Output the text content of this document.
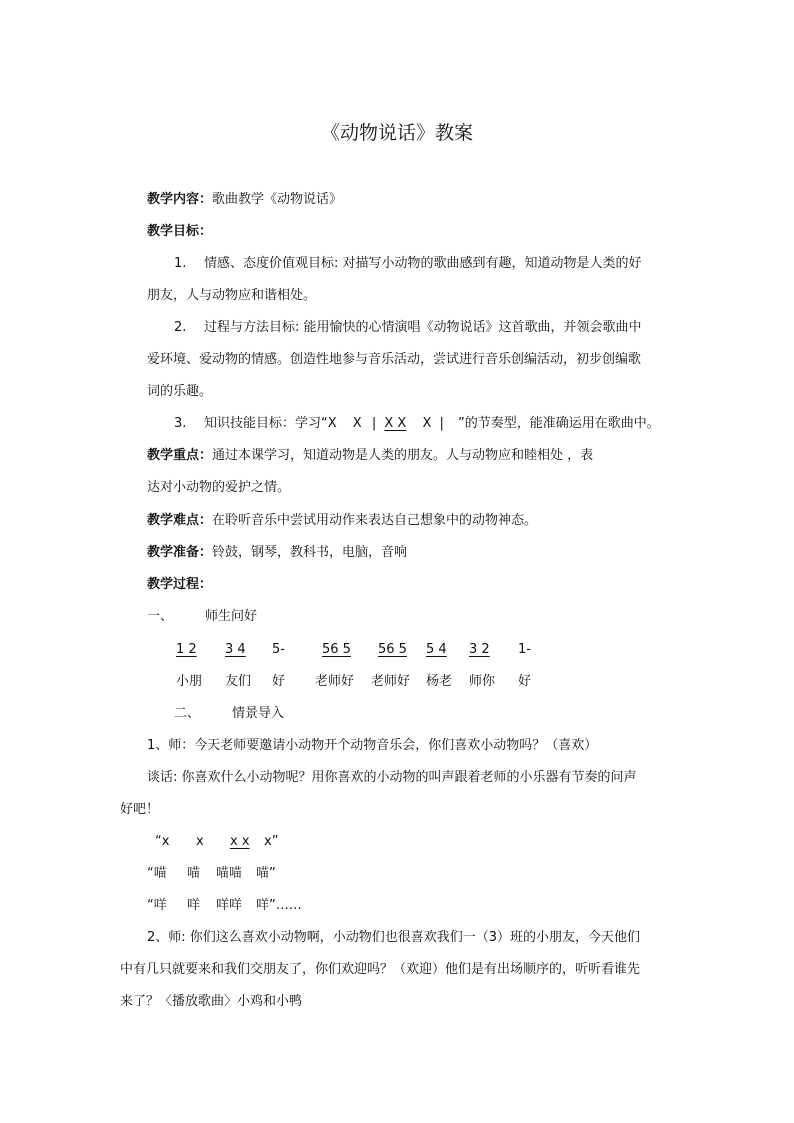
《动物说话》教案
教学内容：歌曲教学《动物说话》
教学目标：
1. 情感、态度价值观目标: 对描写小动物的歌曲感到有趣，知道动物是人类的好
朋友，人与动物应和谐相处。
2. 过程与方法目标: 能用愉快的心情演唱《动物说话》这首歌曲，并领会歌曲中
爱环境、爱动物的情感。创造性地参与音乐活动，尝试进行音乐创编活动，初步创编歌
词的乐趣。
3. 知识技能目标：学习“X X | X X X | ”的节奏型，能准确运用在歌曲中。
教学重点：通过本课学习，知道动物是人类的朋友。人与动物应和睦相处 ，表
达对小动物的爱护之情。
教学难点：在聆听音乐中尝试用动作来表达自己想象中的动物神态。
教学准备：铃鼓，钢琴，教科书，电脑，音响
教学过程：
一、 师生问好
1 2 3 4 5-	56 5 56 5 5 4 3 2 1-
小朋 友们 好 老师好 老师好 杨老 师你 好
二、 情景导入
1、师：今天老师要邀请小动物开个动物音乐会，你们喜欢小动物吗？（喜欢）
谈话: 你喜欢什么小动物呢？用你喜欢的小动物的叫声跟着老师的小乐器有节奏的问声
好吧！
“x x x x x”
“喵 喵 喵喵 喵”
“咩 咩 咩咩 咩”……
2、师: 你们这么喜欢小动物啊，小动物们也很喜欢我们一（3）班的小朋友，今天他们
中有几只就要来和我们交朋友了，你们欢迎吗？（欢迎）他们是有出场顺序的，听听看谁先
来了？〈播放歌曲〉小鸡和小鸭
